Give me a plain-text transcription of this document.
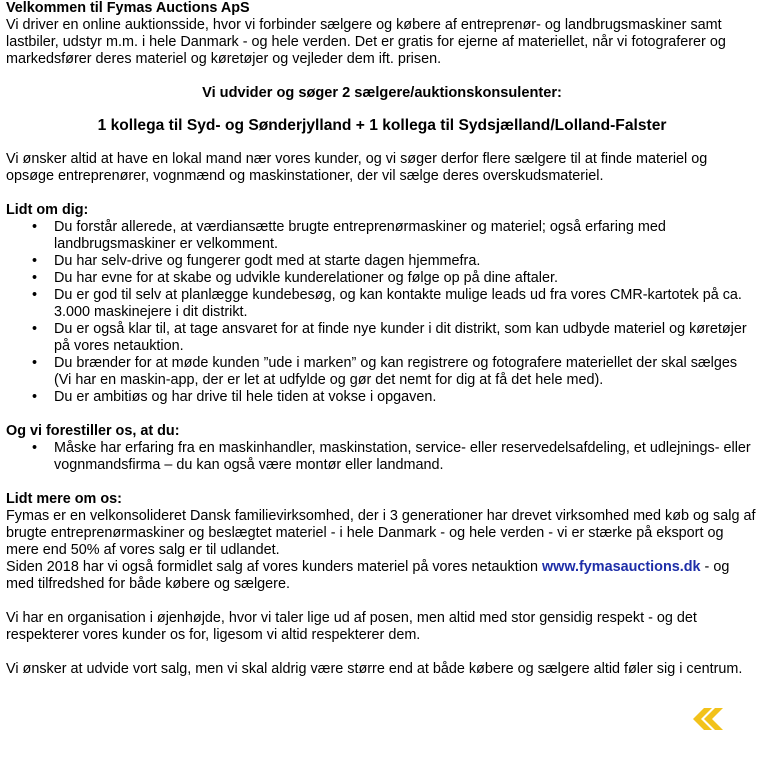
Velkommen til Fymas Auctions ApS

Vi driver en online auktionsside, hvor vi forbinder sælgere og købere af entreprenør- og landbrugsmaskiner samt lastbiler, udstyr m.m. i hele Danmark - og hele verden. Det er gratis for ejerne af materiellet, når vi fotograferer og markedsfører deres materiel og køretøjer og vejleder dem ift. prisen.

Vi udvider og søger 2 sælgere/auktionskonsulenter:

1 kollega til Syd- og Sønderjylland + 1 kollega til Sydsjælland/Lolland-Falster

Vi ønsker altid at have en lokal mand nær vores kunder, og vi søger derfor flere sælgere til at finde materiel og opsøge entreprenører, vognmænd og maskinstationer, der vil sælge deres overskudsmateriel.

Lidt om dig:

• Du forstår allerede, at værdiansætte brugte entreprenørmaskiner og materiel; også erfaring med landbrugsmaskiner er velkomment.
• Du har selv-drive og fungerer godt med at starte dagen hjemmefra.
• Du har evne for at skabe og udvikle kunderelationer og følge op på dine aftaler.
• Du er god til selv at planlægge kundebesøg, og kan kontakte mulige leads ud fra vores CMR-kartotek på ca. 3.000 maskinejere i dit distrikt.
• Du er også klar til, at tage ansvaret for at finde nye kunder i dit distrikt, som kan udbyde materiel og køretøjer på vores netauktion.
• Du brænder for at møde kunden ”ude i marken” og kan registrere og fotografere materiellet der skal sælges (Vi har en maskin-app, der er let at udfylde og gør det nemt for dig at få det hele med).
• Du er ambitiøs og har drive til hele tiden at vokse i opgaven.

Og vi forestiller os, at du:

• Måske har erfaring fra en maskinhandler, maskinstation, service- eller reservedelsafdeling, et udlejnings- eller vognmandsfirma – du kan også være montør eller landmand.

Lidt mere om os:

Fymas er en velkonsolideret Dansk familievirksomhed, der i 3 generationer har drevet virksomhed med køb og salg af brugte entreprenørmaskiner og beslægtet materiel - i hele Danmark - og hele verden - vi er stærke på eksport og mere end 50% af vores salg er til udlandet.

Siden 2018 har vi også formidlet salg af vores kunders materiel på vores netauktion www.fymasauctions.dk - og med tilfredshed for både købere og sælgere.

Vi har en organisation i øjenhøjde, hvor vi taler lige ud af posen, men altid med stor gensidig respekt - og det respekterer vores kunder os for, ligesom vi altid respekterer dem.

Vi ønsker at udvide vort salg, men vi skal aldrig være større end at både købere og sælgere altid føler sig i centrum.
